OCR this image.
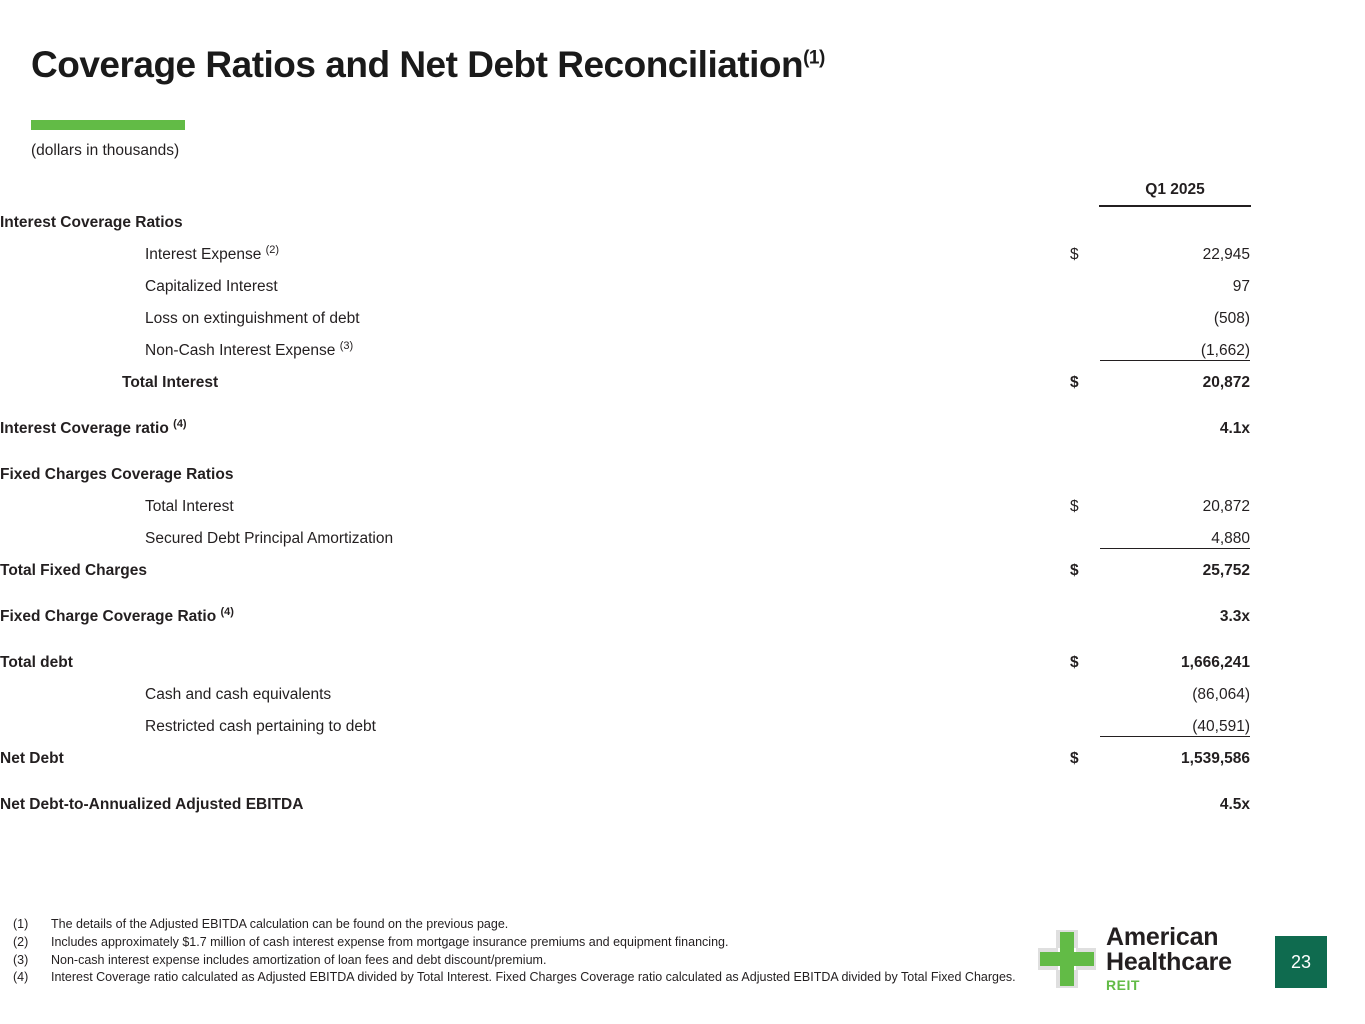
Coverage Ratios and Net Debt Reconciliation$^{(1)}$
(dollars in thousands)
Q1 2025

Interest Coverage Ratios		
Interest Expense $^{(2)}$	$	22,945
Capitalized Interest		97
Loss on extinguishment of debt		(508)
Non-Cash Interest Expense $^{(3)}$		(1,662)
Total Interest	$	20,872

Interest Coverage ratio $^{(4)}$		4.1x

Fixed Charges Coverage Ratios		
Total Interest	$	20,872
Secured Debt Principal Amortization		4,880
Total Fixed Charges	$	25,752

Fixed Charge Coverage Ratio $^{(4)}$		3.3x

Total debt	$	1,666,241
Cash and cash equivalents		(86,064)
Restricted cash pertaining to debt		(40,591)
Net Debt	$	1,539,586

Net Debt-to-Annualized Adjusted EBITDA		4.5x
(1)	The details of the Adjusted EBITDA calculation can be found on the previous page.
(2)	Includes approximately $1.7 million of cash interest expense from mortgage insurance premiums and equipment financing.
(3)	Non-cash interest expense includes amortization of loan fees and debt discount/premium.
(4)	Interest Coverage ratio calculated as Adjusted EBITDA divided by Total Interest. Fixed Charges Coverage ratio calculated as Adjusted EBITDA divided by Total Fixed Charges.
American
Healthcare
REIT
23
